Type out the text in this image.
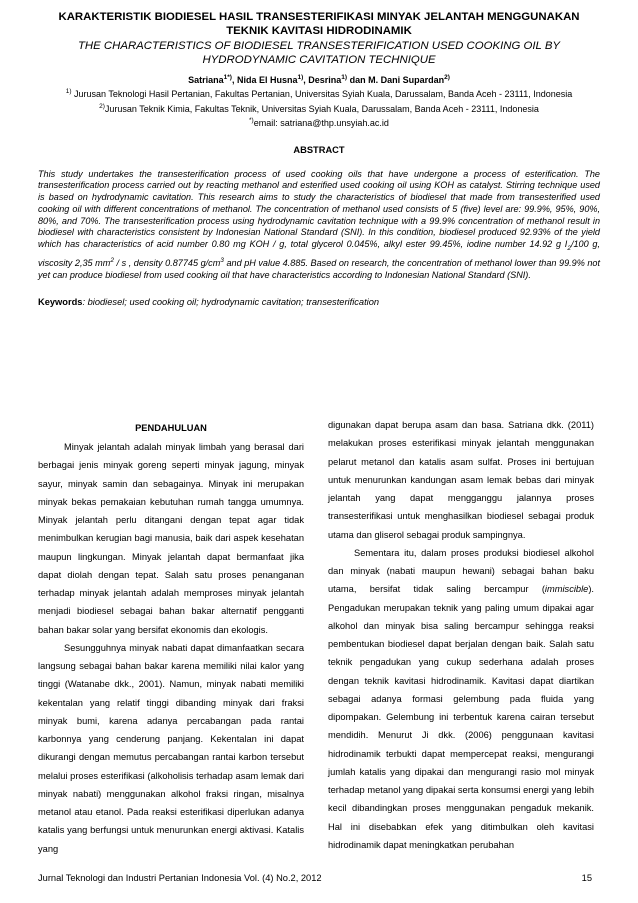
KARAKTERISTIK BIODIESEL HASIL TRANSESTERIFIKASI MINYAK JELANTAH MENGGUNAKAN TEKNIK KAVITASI HIDRODINAMIK
THE CHARACTERISTICS OF BIODIESEL TRANSESTERIFICATION USED COOKING OIL BY HYDRODYNAMIC CAVITATION TECHNIQUE
Satriana$^{1*)}$, Nida El Husna$^{1)}$, Desrina$^{1)}$ dan M. Dani Supardan$^{2)}$
$^{1)}$ Jurusan Teknologi Hasil Pertanian, Fakultas Pertanian, Universitas Syiah Kuala, Darussalam, Banda Aceh - 23111, Indonesia
$^{2)}$Jurusan Teknik Kimia, Fakultas Teknik, Universitas Syiah Kuala, Darussalam, Banda Aceh - 23111, Indonesia
*)email: satriana@thp.unsyiah.ac.id
ABSTRACT
This study undertakes the transesterification process of used cooking oils that have undergone a process of esterification. The transesterification process carried out by reacting methanol and esterified used cooking oil using KOH as catalyst. Stirring technique used is based on hydrodynamic cavitation. This research aims to study the characteristics of biodiesel that made from transesterified used cooking oil with different concentrations of methanol. The concentration of methanol used consists of 5 (five) level are: 99.9%, 95%, 90%, 80%, and 70%. The transesterification process using hydrodynamic cavitation technique with a 99.9% concentration of methanol result in biodiesel with characteristics consistent by Indonesian National Standard (SNI). In this condition, biodiesel produced 92.93% of the yield which has characteristics of acid number 0.80 mg KOH / g, total glycerol 0.045%, alkyl ester 99.45%, iodine number 14.92 g $I_2/100$ g, viscosity 2,35 $mm^2$ / s , density 0.87745 $g/cm^3$ and pH value 4.885. Based on research, the concentration of methanol lower than 99.9% not yet can produce biodiesel from used cooking oil that have characteristics according to Indonesian National Standard (SNI).
Keywords: biodiesel; used cooking oil; hydrodynamic cavitation; transesterification

PENDAHULUAN

Minyak jelantah adalah minyak limbah yang berasal dari berbagai jenis minyak goreng seperti minyak jagung, minyak sayur, minyak samin dan sebagainya. Minyak ini merupakan minyak bekas pemakaian kebutuhan rumah tangga umumnya. Minyak jelantah perlu ditangani dengan tepat agar tidak menimbulkan kerugian bagi manusia, baik dari aspek kesehatan maupun lingkungan. Minyak jelantah dapat bermanfaat jika dapat diolah dengan tepat. Salah satu proses penanganan terhadap minyak jelantah adalah memproses minyak jelantah menjadi biodiesel sebagai bahan bakar alternatif pengganti bahan bakar solar yang bersifat ekonomis dan ekologis.

Sesungguhnya minyak nabati dapat dimanfaatkan secara langsung sebagai bahan bakar karena memiliki nilai kalor yang tinggi (Watanabe dkk., 2001). Namun, minyak nabati memiliki kekentalan yang relatif tinggi dibanding minyak dari fraksi minyak bumi, karena adanya percabangan pada rantai karbonnya yang cenderung panjang. Kekentalan ini dapat dikurangi dengan memutus percabangan rantai karbon tersebut melalui proses esterifikasi (alkoholisis terhadap asam lemak dari minyak nabati) menggunakan alkohol fraksi ringan, misalnya metanol atau etanol. Pada reaksi esterifikasi diperlukan adanya katalis yang berfungsi untuk menurunkan energi aktivasi. Katalis yang

digunakan dapat berupa asam dan basa. Satriana dkk. (2011) melakukan proses esterifikasi minyak jelantah menggunakan pelarut metanol dan katalis asam sulfat. Proses ini bertujuan untuk menurunkan kandungan asam lemak bebas dari minyak jelantah yang dapat mengganggu jalannya proses transesterifikasi untuk menghasilkan biodiesel sebagai produk utama dan gliserol sebagai produk sampingnya.

Sementara itu, dalam proses produksi biodiesel alkohol dan minyak (nabati maupun hewani) sebagai bahan baku utama, bersifat tidak saling bercampur (immiscible). Pengadukan merupakan teknik yang paling umum dipakai agar alkohol dan minyak bisa saling bercampur sehingga reaksi pembentukan biodiesel dapat berjalan dengan baik. Salah satu teknik pengadukan yang cukup sederhana adalah proses dengan teknik kavitasi hidrodinamik. Kavitasi dapat diartikan sebagai adanya formasi gelembung pada fluida yang dipompakan. Gelembung ini terbentuk karena cairan tersebut mendidih. Menurut Ji dkk. (2006) penggunaan kavitasi hidrodinamik terbukti dapat mempercepat reaksi, mengurangi jumlah katalis yang dipakai dan mengurangi rasio mol minyak terhadap metanol yang dipakai serta konsumsi energi yang lebih kecil dibandingkan proses menggunakan pengaduk mekanik. Hal ini disebabkan efek yang ditimbulkan oleh kavitasi hidrodinamik dapat meningkatkan perubahan

Jurnal Teknologi dan Industri Pertanian Indonesia Vol. (4) No.2, 2012	15
